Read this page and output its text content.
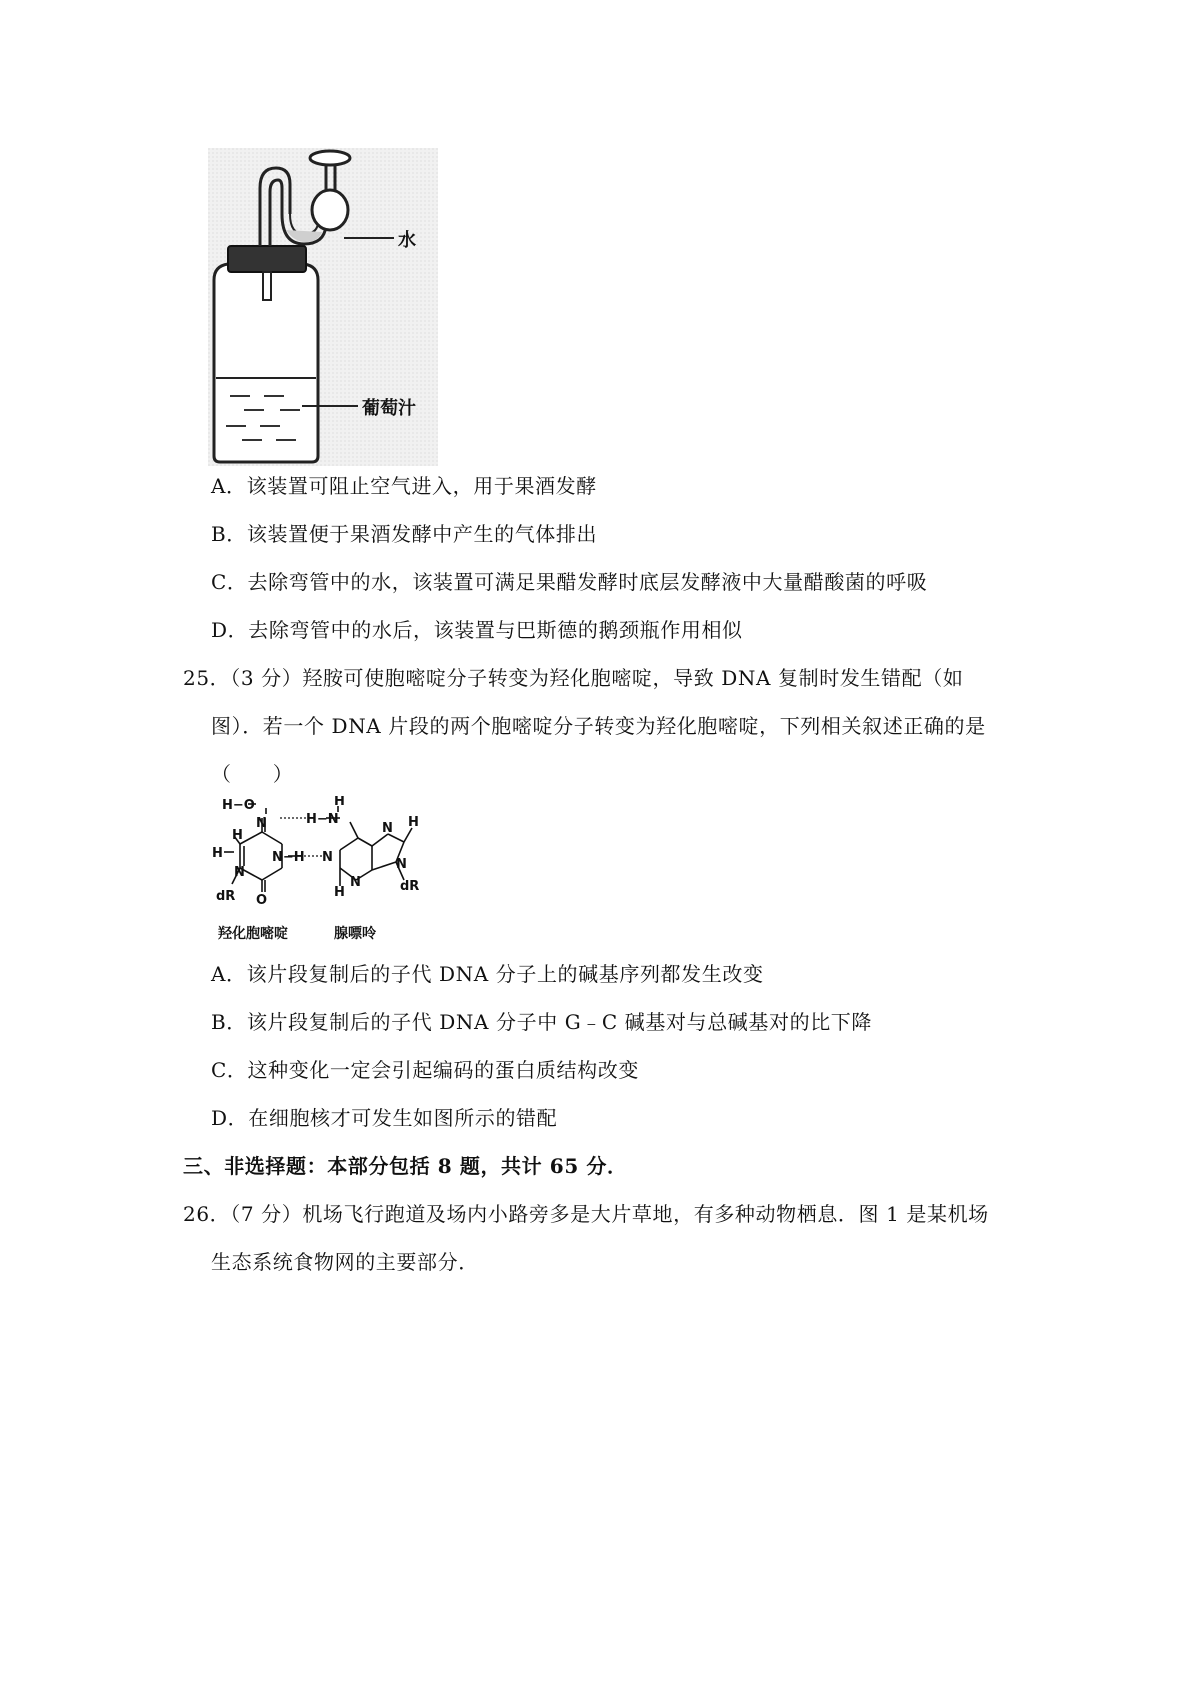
水
葡萄汁
A．该装置可阻止空气进入，用于果酒发酵
B．该装置便于果酒发酵中产生的气体排出
C．去除弯管中的水，该装置可满足果醋发酵时底层发酵液中大量醋酸菌的呼吸
D．去除弯管中的水后，该装置与巴斯德的鹅颈瓶作用相似
25．（3 分）羟胺可使胞嘧啶分子转变为羟化胞嘧啶，导致 DNA 复制时发生错配（如
图）．若一个 DNA 片段的两个胞嘧啶分子转变为羟化胞嘧啶，下列相关叙述正确的是
（　　）
H−O
N	H−N
H
H
H	N−H N
N
O
dR
N H
N
dR
N
H
羟化胞嘧啶	腺嘌呤
A．该片段复制后的子代 DNA 分子上的碱基序列都发生改变
B．该片段复制后的子代 DNA 分子中 G﹣C 碱基对与总碱基对的比下降
C．这种变化一定会引起编码的蛋白质结构改变
D．在细胞核才可发生如图所示的错配
三、非选择题：本部分包括 8 题，共计 65 分．
26．（7 分）机场飞行跑道及场内小路旁多是大片草地，有多种动物栖息．图 1 是某机场
生态系统食物网的主要部分．
